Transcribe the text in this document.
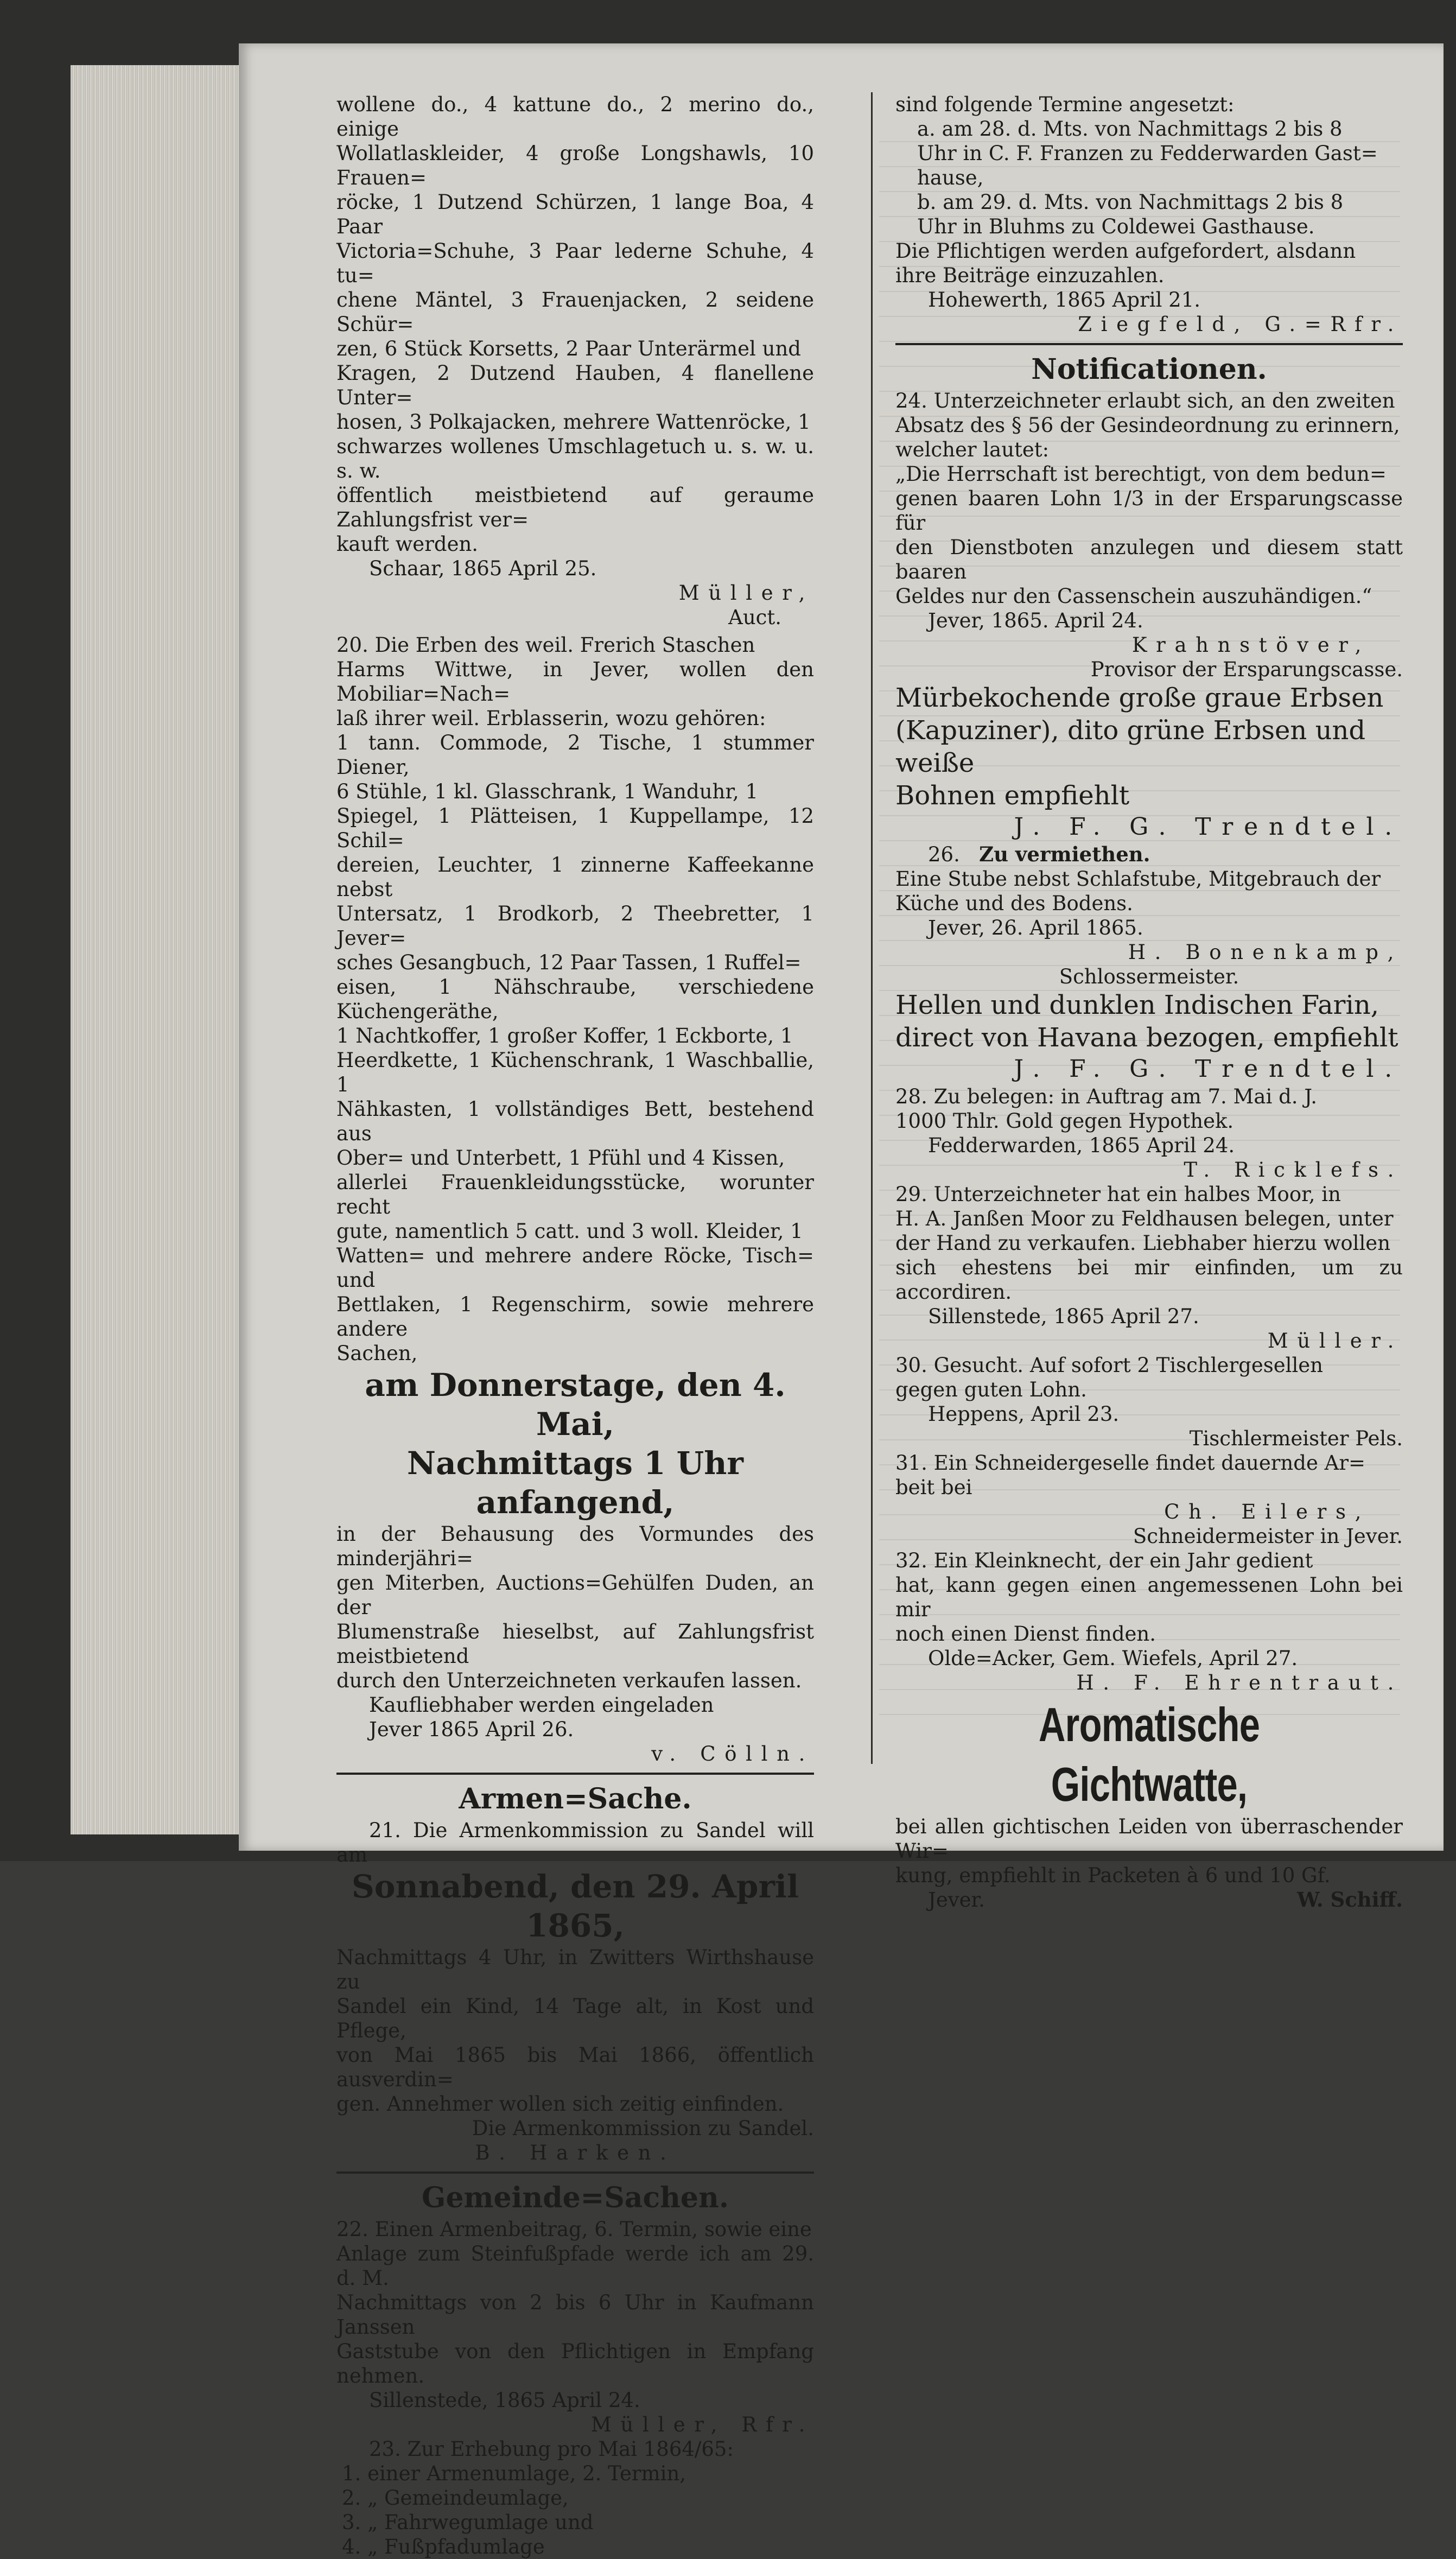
wollene do., 4 kattune do., 2 merino do., einige

Wollatlaskleider, 4 große Longshawls, 10 Frauen=

röcke, 1 Dutzend Schürzen, 1 lange Boa, 4 Paar

Victoria=Schuhe, 3 Paar lederne Schuhe, 4 tu=

chene Mäntel, 3 Frauenjacken, 2 seidene Schür=

zen, 6 Stück Korsetts, 2 Paar Unterärmel und

Kragen, 2 Dutzend Hauben, 4 flanellene Unter=

hosen, 3 Polkajacken, mehrere Wattenröcke, 1

schwarzes wollenes Umschlagetuch u. s. w. u. s. w.

öffentlich meistbietend auf geraume Zahlungsfrist ver=

kauft werden.

Schaar, 1865 April 25.

Müller,

Auct.

20. Die Erben des weil. Frerich Staschen

Harms Wittwe, in Jever, wollen den Mobiliar=Nach=

laß ihrer weil. Erblasserin, wozu gehören:

1 tann. Commode, 2 Tische, 1 stummer Diener,

6 Stühle, 1 kl. Glasschrank, 1 Wanduhr, 1

Spiegel, 1 Plätteisen, 1 Kuppellampe, 12 Schil=

dereien, Leuchter, 1 zinnerne Kaffeekanne nebst

Untersatz, 1 Brodkorb, 2 Theebretter, 1 Jever=

sches Gesangbuch, 12 Paar Tassen, 1 Ruffel=

eisen, 1 Nähschraube, verschiedene Küchengeräthe,

1 Nachtkoffer, 1 großer Koffer, 1 Eckborte, 1

Heerdkette, 1 Küchenschrank, 1 Waschballie, 1

Nähkasten, 1 vollständiges Bett, bestehend aus

Ober= und Unterbett, 1 Pfühl und 4 Kissen,

allerlei Frauenkleidungsstücke, worunter recht

gute, namentlich 5 catt. und 3 woll. Kleider, 1

Watten= und mehrere andere Röcke, Tisch= und

Bettlaken, 1 Regenschirm, sowie mehrere andere

Sachen,

am Donnerstage, den 4. Mai,

Nachmittags 1 Uhr anfangend,

in der Behausung des Vormundes des minderjähri=

gen Miterben, Auctions=Gehülfen Duden, an der

Blumenstraße hieselbst, auf Zahlungsfrist meistbietend

durch den Unterzeichneten verkaufen lassen.

Kaufliebhaber werden eingeladen

Jever 1865 April 26.

v. Cölln.

Armen=Sache.

21. Die Armenkommission zu Sandel will am

Sonnabend, den 29. April 1865,

Nachmittags 4 Uhr, in Zwitters Wirthshause zu

Sandel ein Kind, 14 Tage alt, in Kost und Pflege,

von Mai 1865 bis Mai 1866, öffentlich ausverdin=

gen. Annehmer wollen sich zeitig einfinden.

Die Armenkommission zu Sandel.

B. Harken.

Gemeinde=Sachen.

22. Einen Armenbeitrag, 6. Termin, sowie eine

Anlage zum Steinfußpfade werde ich am 29. d. M.

Nachmittags von 2 bis 6 Uhr in Kaufmann Janssen

Gaststube von den Pflichtigen in Empfang nehmen.

Sillenstede, 1865 April 24.

Müller, Rfr.

23. Zur Erhebung pro Mai 1864/65:

1. einer Armenumlage, 2. Termin,

2. „ Gemeindeumlage,

3. „ Fahrwegumlage und

4. „ Fußpfadumlage

sind folgende Termine angesetzt:

a. am 28. d. Mts. von Nachmittags 2 bis 8

Uhr in C. F. Franzen zu Fedderwarden Gast=

hause,

b. am 29. d. Mts. von Nachmittags 2 bis 8

Uhr in Bluhms zu Coldewei Gasthause.

Die Pflichtigen werden aufgefordert, alsdann

ihre Beiträge einzuzahlen.

Hohewerth, 1865 April 21.

Ziegfeld, G.=Rfr.

Notificationen.

24. Unterzeichneter erlaubt sich, an den zweiten

Absatz des § 56 der Gesindeordnung zu erinnern,

welcher lautet:

„Die Herrschaft ist berechtigt, von dem bedun=

genen baaren Lohn 1/3 in der Ersparungscasse für

den Dienstboten anzulegen und diesem statt baaren

Geldes nur den Cassenschein auszuhändigen.“

Jever, 1865. April 24.

Krahnstöver,

Provisor der Ersparungscasse.

Mürbekochende große graue Erbsen

(Kapuziner), dito grüne Erbsen und weiße

Bohnen empfiehlt

J. F. G. Trendtel.

26. Zu vermiethen.

Eine Stube nebst Schlafstube, Mitgebrauch der

Küche und des Bodens.

Jever, 26. April 1865.

H. Bonenkamp,

Schlossermeister.

Hellen und dunklen Indischen Farin,

direct von Havana bezogen, empfiehlt

J. F. G. Trendtel.

28. Zu belegen: in Auftrag am 7. Mai d. J.

1000 Thlr. Gold gegen Hypothek.

Fedderwarden, 1865 April 24.

T. Ricklefs.

29. Unterzeichneter hat ein halbes Moor, in

H. A. Janßen Moor zu Feldhausen belegen, unter

der Hand zu verkaufen. Liebhaber hierzu wollen

sich ehestens bei mir einfinden, um zu accordiren.

Sillenstede, 1865 April 27.

Müller.

30. Gesucht. Auf sofort 2 Tischlergesellen

gegen guten Lohn.

Heppens, April 23.

Tischlermeister Pels.

31. Ein Schneidergeselle findet dauernde Ar=

beit bei

Ch. Eilers,

Schneidermeister in Jever.

32. Ein Kleinknecht, der ein Jahr gedient

hat, kann gegen einen angemessenen Lohn bei mir

noch einen Dienst finden.

Olde=Acker, Gem. Wiefels, April 27.

H. F. Ehrentraut.

Aromatische Gichtwatte,

bei allen gichtischen Leiden von überraschender Wir=

kung, empfiehlt in Packeten à 6 und 10 Gf.

Jever.	W. Schiff.
